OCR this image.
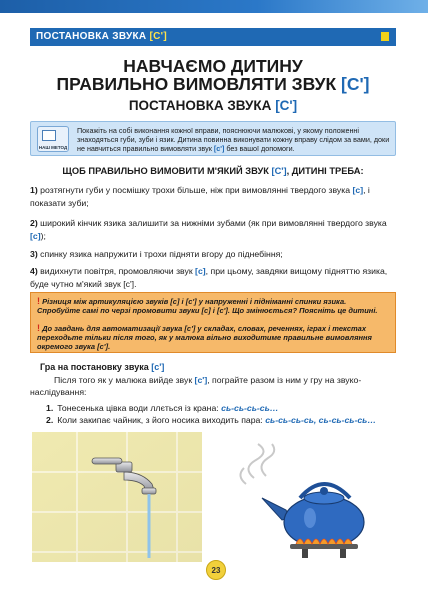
ПОСТАНОВКА ЗВУКА [С']
НАВЧАЄМО ДИТИНУ
ПРАВИЛЬНО ВИМОВЛЯТИ ЗВУК [С']
ПОСТАНОВКА ЗВУКА [С']
НАШ МЕТОД
Покажіть на собі виконання кожної вправи, пояснюючи малюкові, у якому положенні знаходяться губи, зуби і язик. Дитина повинна виконувати кожну вправу слідом за вами, доки не навчиться правильно вимовляти звук [с'] без вашої допомоги.
ЩОБ ПРАВИЛЬНО ВИМОВИТИ М'ЯКИЙ ЗВУК [С'], ДИТИНІ ТРЕБА:
1) розтягнути губи у посмішку трохи більше, ніж при вимовлянні твердого звука [с], і показати зуби;
2) широкий кінчик язика залишити за нижніми зубами (як при вимовлянні твердого звука [с]);
3) спинку язика напружити і трохи підняти вгору до піднебіння;
4) видихнути повітря, промовляючи звук [с], при цьому, завдяки вищому підняттю язика, буде чутно м'який звук [с'].
! Різниця між артикуляцією звуків [с] і [с'] у напруженні і підніманні спинки язика. Спробуйте самі по черзі промовити звуки [с] і [с']. Що змінюється? Поясніть це дитині.
! До завдань для автоматизації звука [с'] у складах, словах, реченнях, іграх і текстах переходьте тільки після того, як у малюка вільно виходитиме правильне вимовляння окремого звука [с'].
Гра на постановку звука [с']
Після того як у малюка вийде звук [с'], пограйте разом із ним у гру на звуко-наслідування:
1. Тонесенька цівка води ллється із крана: сь-сь-сь-сь…
2. Коли закипає чайник, з його носика виходить пара: сь-сь-сь-сь, сь-сь-сь-сь…
23
